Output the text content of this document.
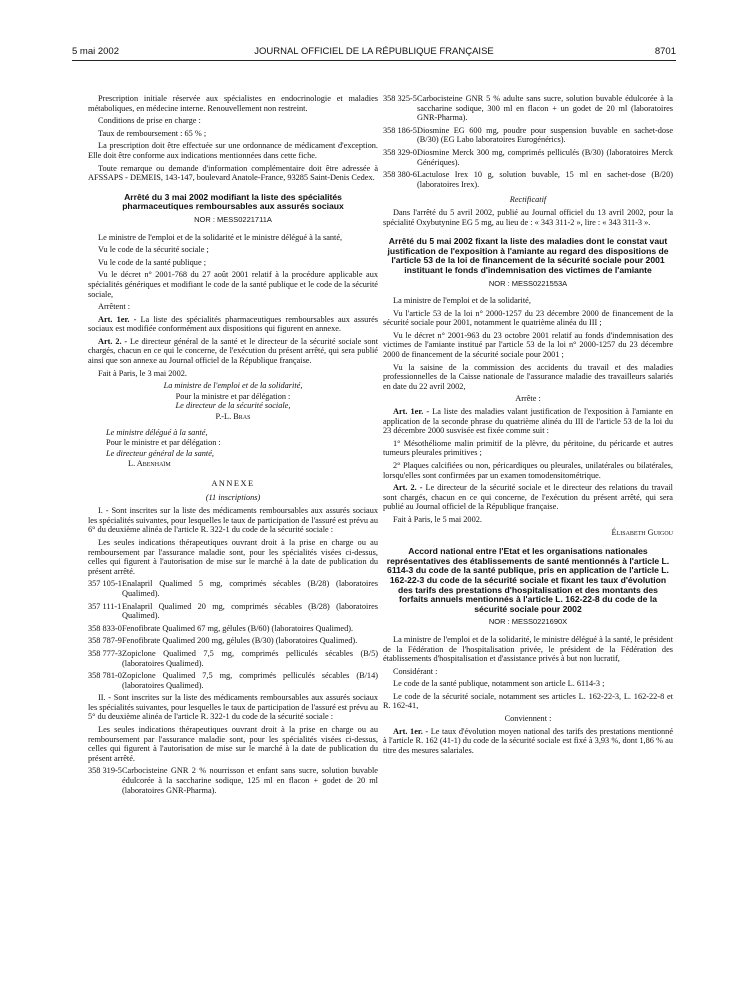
5 mai 2002	JOURNAL OFFICIEL DE LA RÉPUBLIQUE FRANÇAISE	8701

Prescription initiale réservée aux spécialistes en endocrinologie et maladies métaboliques, en médecine interne. Renouvellement non restreint.

Conditions de prise en charge :

Taux de remboursement : 65 % ;

La prescription doit être effectuée sur une ordonnance de médicament d'exception. Elle doit être conforme aux indications mentionnées dans cette fiche.

Toute remarque ou demande d'information complémentaire doit être adressée à AFSSAPS - DEMEIS, 143-147, boulevard Anatole-France, 93285 Saint-Denis Cedex.

Arrêté du 3 mai 2002 modifiant la liste des spécialités pharmaceutiques remboursables aux assurés sociaux
NOR : MESS0221711A

Le ministre de l'emploi et de la solidarité et le ministre délégué à la santé,

Vu le code de la sécurité sociale ;

Vu le code de la santé publique ;

Vu le décret n° 2001-768 du 27 août 2001 relatif à la procédure applicable aux spécialités génériques et modifiant le code de la santé publique et le code de la sécurité sociale,

Arrêtent :

Art. 1er. - La liste des spécialités pharmaceutiques remboursables aux assurés sociaux est modifiée conformément aux dispositions qui figurent en annexe.

Art. 2. - Le directeur général de la santé et le directeur de la sécurité sociale sont chargés, chacun en ce qui le concerne, de l'exécution du présent arrêté, qui sera publié ainsi que son annexe au Journal officiel de la République française.

Fait à Paris, le 3 mai 2002.

La ministre de l'emploi et de la solidarité,
Pour la ministre et par délégation :
Le directeur de la sécurité sociale,
P.-L. Bras
Le ministre délégué à la santé,
Pour le ministre et par délégation :
Le directeur général de la santé,
L. Abenhaïm
ANNEXE
(11 inscriptions)

I. - Sont inscrites sur la liste des médicaments remboursables aux assurés sociaux les spécialités suivantes, pour lesquelles le taux de participation de l'assuré est prévu au 6° du deuxième alinéa de l'article R. 322-1 du code de la sécurité sociale :

Les seules indications thérapeutiques ouvrant droit à la prise en charge ou au remboursement par l'assurance maladie sont, pour les spécialités visées ci-dessus, celles qui figurent à l'autorisation de mise sur le marché à la date de publication du présent arrêté.

357 105-1 Enalapril Qualimed 5 mg, comprimés sécables (B/28) (laboratoires Qualimed).
357 111-1 Enalapril Qualimed 20 mg, comprimés sécables (B/28) (laboratoires Qualimed).
358 833-0 Fenofibrate Qualimed 67 mg, gélules (B/60) (laboratoires Qualimed).
358 787-9 Fenofibrate Qualimed 200 mg, gélules (B/30) (laboratoires Qualimed).
358 777-3 Zopiclone Qualimed 7,5 mg, comprimés pelliculés sécables (B/5) (laboratoires Qualimed).
358 781-0 Zopiclone Qualimed 7,5 mg, comprimés pelliculés sécables (B/14) (laboratoires Qualimed).

II. - Sont inscrites sur la liste des médicaments remboursables aux assurés sociaux les spécialités suivantes, pour lesquelles le taux de participation de l'assuré est prévu au 5° du deuxième alinéa de l'article R. 322-1 du code de la sécurité sociale :

Les seules indications thérapeutiques ouvrant droit à la prise en charge ou au remboursement par l'assurance maladie sont, pour les spécialités visées ci-dessus, celles qui figurent à l'autorisation de mise sur le marché à la date de publication du présent arrêté.

358 319-5 Carbocisteine GNR 2 % nourrisson et enfant sans sucre, solution buvable édulcorée à la saccharine sodique, 125 ml en flacon + godet de 20 ml (laboratoires GNR-Pharma).
358 325-5 Carbocisteine GNR 5 % adulte sans sucre, solution buvable édulcorée à la saccharine sodique, 300 ml en flacon + un godet de 20 ml (laboratoires GNR-Pharma).
358 186-5 Diosmine EG 600 mg, poudre pour suspension buvable en sachet-dose (B/30) (EG Labo laboratoires Eurogénérics).
358 329-0 Diosmine Merck 300 mg, comprimés pelliculés (B/30) (laboratoires Merck Génériques).
358 380-6 Lactulose Irex 10 g, solution buvable, 15 ml en sachet-dose (B/20) (laboratoires Irex).
Rectificatif

Dans l'arrêté du 5 avril 2002, publié au Journal officiel du 13 avril 2002, pour la spécialité Oxybutynine EG 5 mg, au lieu de : « 343 311-2 », lire : « 343 311-3 ».

Arrêté du 5 mai 2002 fixant la liste des maladies dont le constat vaut justification de l'exposition à l'amiante au regard des dispositions de l'article 53 de la loi de financement de la sécurité sociale pour 2001 instituant le fonds d'indemnisation des victimes de l'amiante
NOR : MESS0221553A

La ministre de l'emploi et de la solidarité,

Vu l'article 53 de la loi n° 2000-1257 du 23 décembre 2000 de financement de la sécurité sociale pour 2001, notamment le quatrième alinéa du III ;

Vu le décret n° 2001-963 du 23 octobre 2001 relatif au fonds d'indemnisation des victimes de l'amiante institué par l'article 53 de la loi n° 2000-1257 du 23 décembre 2000 de financement de la sécurité sociale pour 2001 ;

Vu la saisine de la commission des accidents du travail et des maladies professionnelles de la Caisse nationale de l'assurance maladie des travailleurs salariés en date du 22 avril 2002,

Arrête :

Art. 1er. - La liste des maladies valant justification de l'exposition à l'amiante en application de la seconde phrase du quatrième alinéa du III de l'article 53 de la loi du 23 décembre 2000 susvisée est fixée comme suit :

1° Mésothéliome malin primitif de la plèvre, du péritoine, du péricarde et autres tumeurs pleurales primitives ;

2° Plaques calcifiées ou non, péricardiques ou pleurales, unilatérales ou bilatérales, lorsqu'elles sont confirmées par un examen tomodensitométrique.

Art. 2. - Le directeur de la sécurité sociale et le directeur des relations du travail sont chargés, chacun en ce qui concerne, de l'exécution du présent arrêté, qui sera publié au Journal officiel de la République française.

Fait à Paris, le 5 mai 2002.

Élisabeth Guigou
Accord national entre l'Etat et les organisations nationales représentatives des établissements de santé mentionnés à l'article L. 6114-3 du code de la santé publique, pris en application de l'article L. 162-22-3 du code de la sécurité sociale et fixant les taux d'évolution des tarifs des prestations d'hospitalisation et des montants des forfaits annuels mentionnés à l'article L. 162-22-8 du code de la sécurité sociale pour 2002
NOR : MESS0221690X

La ministre de l'emploi et de la solidarité, le ministre délégué à la santé, le président de la Fédération de l'hospitalisation privée, le président de la Fédération des établissements d'hospitalisation et d'assistance privés à but non lucratif,

Considérant :

Le code de la santé publique, notamment son article L. 6114-3 ;

Le code de la sécurité sociale, notamment ses articles L. 162-22-3, L. 162-22-8 et R. 162-41,

Conviennent :

Art. 1er. - Le taux d'évolution moyen national des tarifs des prestations mentionné à l'article R. 162 (41-1) du code de la sécurité sociale est fixé à 3,93 %, dont 1,86 % au titre des mesures salariales.
